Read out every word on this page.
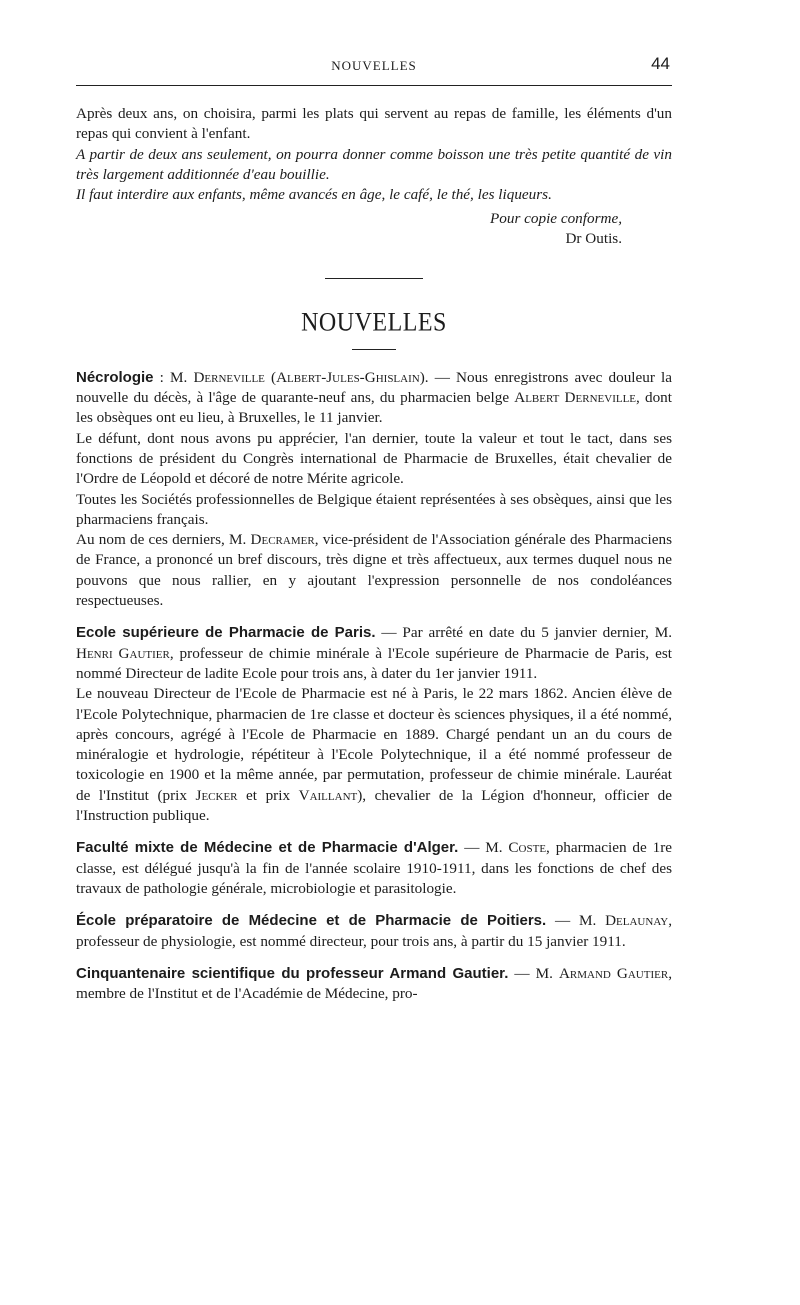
NOUVELLES	44

Après deux ans, on choisira, parmi les plats qui servent au repas de famille, les éléments d'un repas qui convient à l'enfant.

A partir de deux ans seulement, on pourra donner comme boisson une très petite quantité de vin très largement additionnée d'eau bouillie.

Il faut interdire aux enfants, même avancés en âge, le café, le thé, les liqueurs.

Pour copie conforme,
Dr Outis.
NOUVELLES

Nécrologie : M. Derneville (Albert-Jules-Ghislain). — Nous enregistrons avec douleur la nouvelle du décès, à l'âge de quarante-neuf ans, du pharmacien belge Albert Derneville, dont les obsèques ont eu lieu, à Bruxelles, le 11 janvier.

Le défunt, dont nous avons pu apprécier, l'an dernier, toute la valeur et tout le tact, dans ses fonctions de président du Congrès international de Pharmacie de Bruxelles, était chevalier de l'Ordre de Léopold et décoré de notre Mérite agricole.

Toutes les Sociétés professionnelles de Belgique étaient représentées à ses obsèques, ainsi que les pharmaciens français.

Au nom de ces derniers, M. Decramer, vice-président de l'Association générale des Pharmaciens de France, a prononcé un bref discours, très digne et très affectueux, aux termes duquel nous ne pouvons que nous rallier, en y ajoutant l'expression personnelle de nos condoléances respectueuses.

Ecole supérieure de Pharmacie de Paris. — Par arrêté en date du 5 janvier dernier, M. Henri Gautier, professeur de chimie minérale à l'Ecole supérieure de Pharmacie de Paris, est nommé Directeur de ladite Ecole pour trois ans, à dater du 1er janvier 1911.

Le nouveau Directeur de l'Ecole de Pharmacie est né à Paris, le 22 mars 1862. Ancien élève de l'Ecole Polytechnique, pharmacien de 1re classe et docteur ès sciences physiques, il a été nommé, après concours, agrégé à l'Ecole de Pharmacie en 1889. Chargé pendant un an du cours de minéralogie et hydrologie, répétiteur à l'Ecole Polytechnique, il a été nommé professeur de toxicologie en 1900 et la même année, par permutation, professeur de chimie minérale. Lauréat de l'Institut (prix Jecker et prix Vaillant), chevalier de la Légion d'honneur, officier de l'Instruction publique.

Faculté mixte de Médecine et de Pharmacie d'Alger. — M. Coste, pharmacien de 1re classe, est délégué jusqu'à la fin de l'année scolaire 1910-1911, dans les fonctions de chef des travaux de pathologie générale, microbiologie et parasitologie.

École préparatoire de Médecine et de Pharmacie de Poitiers. — M. Delaunay, professeur de physiologie, est nommé directeur, pour trois ans, à partir du 15 janvier 1911.

Cinquantenaire scientifique du professeur Armand Gautier. — M. Armand Gautier, membre de l'Institut et de l'Académie de Médecine, pro-
